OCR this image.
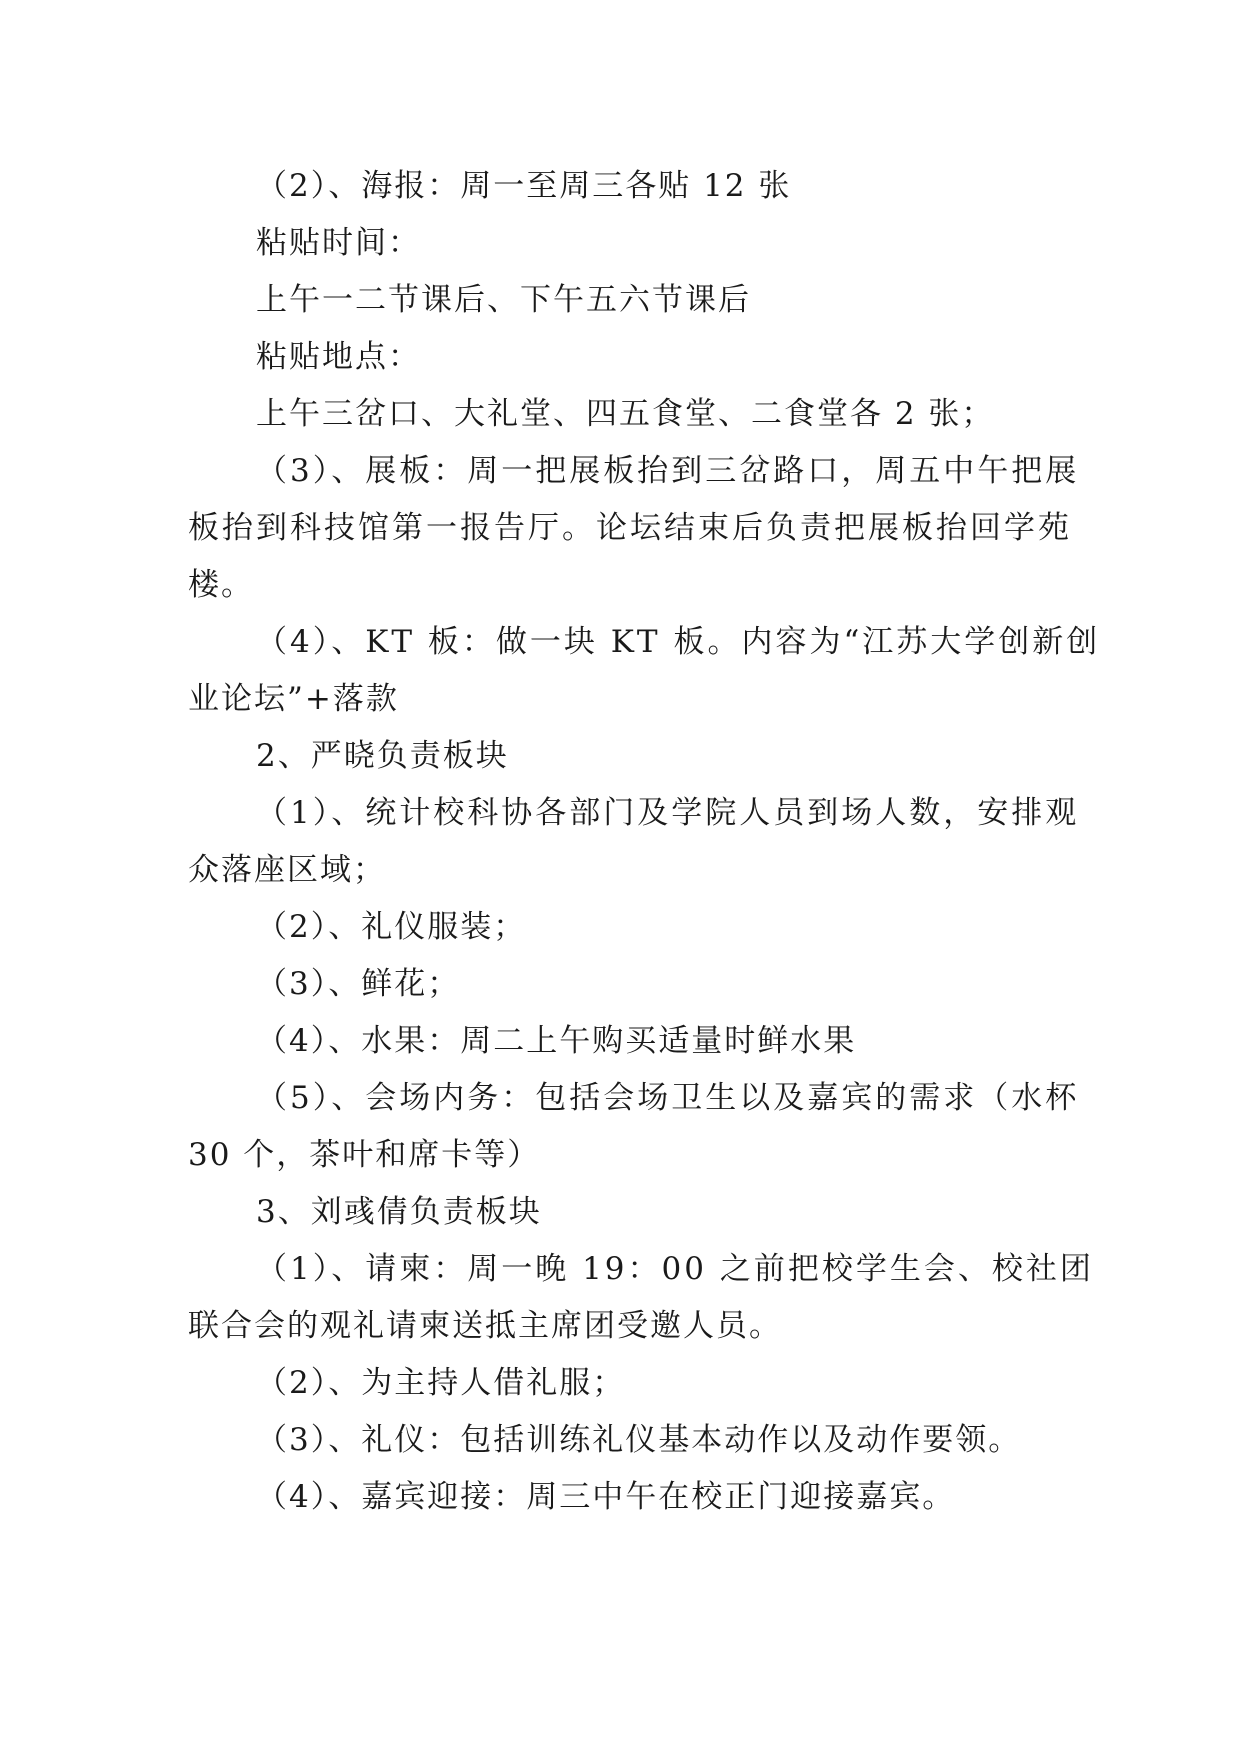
（2）、海报：周一至周三各贴 12 张
粘贴时间：
上午一二节课后、下午五六节课后
粘贴地点：
上午三岔口、大礼堂、四五食堂、二食堂各 2 张；
（3）、展板：周一把展板抬到三岔路口，周五中午把展
板抬到科技馆第一报告厅。论坛结束后负责把展板抬回学苑
楼。
（4）、KT 板：做一块 KT 板。内容为“江苏大学创新创
业论坛”+落款
2、严晓负责板块
（1）、统计校科协各部门及学院人员到场人数，安排观
众落座区域；
（2）、礼仪服装；
（3）、鲜花；
（4）、水果：周二上午购买适量时鲜水果
（5）、会场内务：包括会场卫生以及嘉宾的需求（水杯
30 个，茶叶和席卡等）
3、刘彧倩负责板块
（1）、请柬：周一晚 19：00 之前把校学生会、校社团
联合会的观礼请柬送抵主席团受邀人员。
（2）、为主持人借礼服；
（3）、礼仪：包括训练礼仪基本动作以及动作要领。
（4）、嘉宾迎接：周三中午在校正门迎接嘉宾。
